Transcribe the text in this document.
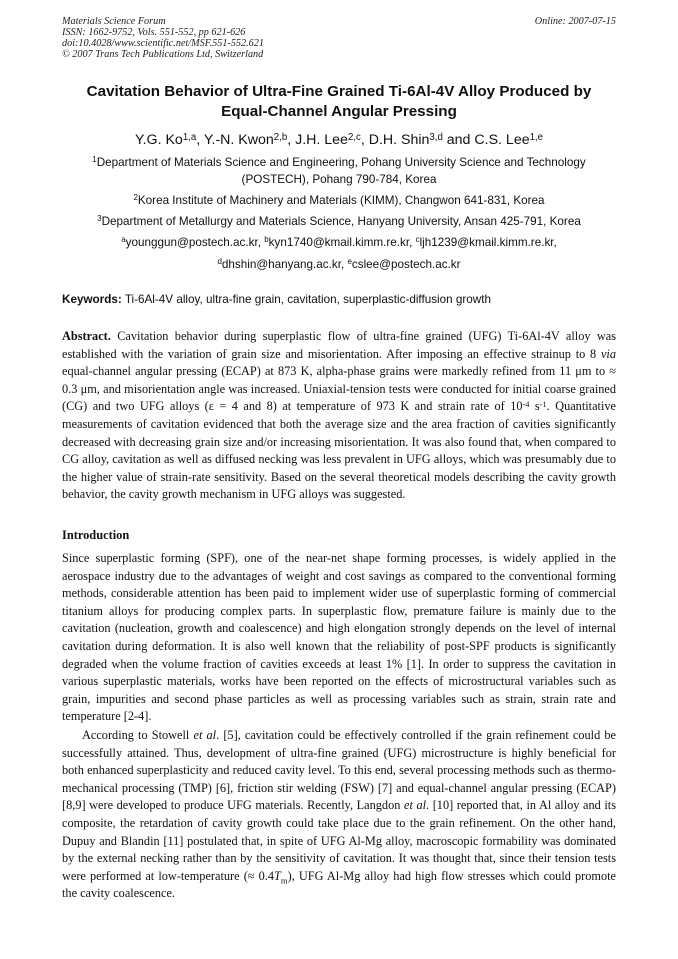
Materials Science Forum
ISSN: 1662-9752, Vols. 551-552, pp 621-626
doi:10.4028/www.scientific.net/MSF.551-552.621
© 2007 Trans Tech Publications Ltd, Switzerland
Online: 2007-07-15
Cavitation Behavior of Ultra-Fine Grained Ti-6Al-4V Alloy Produced by
Equal-Channel Angular Pressing
Y.G. Ko$^{1,a}$, Y.-N. Kwon$^{2,b}$, J.H. Lee$^{2,c}$, D.H. Shin$^{3,d}$ and C.S. Lee$^{1,e}$
$^1$Department of Materials Science and Engineering, Pohang University Science and Technology
(POSTECH), Pohang 790-784, Korea
$^2$Korea Institute of Machinery and Materials (KIMM), Changwon 641-831, Korea
$^3$Department of Metallurgy and Materials Science, Hanyang University, Ansan 425-791, Korea
$^a$younggun@postech.ac.kr, $^b$kyn1740@kmail.kimm.re.kr, $^c$ljh1239@kmail.kimm.re.kr,
$^d$dhshin@hanyang.ac.kr, $^e$cslee@postech.ac.kr
Keywords: Ti-6Al-4V alloy, ultra-fine grain, cavitation, superplastic-diffusion growth
Abstract. Cavitation behavior during superplastic flow of ultra-fine grained (UFG) Ti-6Al-4V alloy was established with the variation of grain size and misorientation. After imposing an effective strainup to 8 via equal-channel angular pressing (ECAP) at 873 K, alpha-phase grains were markedly refined from 11 μm to ≈ 0.3 μm, and misorientation angle was increased. Uniaxial-tension tests were conducted for initial coarse grained (CG) and two UFG alloys (ε = 4 and 8) at temperature of 973 K and strain rate of $10^{-4}$ $s^{-1}$. Quantitative measurements of cavitation evidenced that both the average size and the area fraction of cavities significantly decreased with decreasing grain size and/or increasing misorientation. It was also found that, when compared to CG alloy, cavitation as well as diffused necking was less prevalent in UFG alloys, which was presumably due to the higher value of strain-rate sensitivity. Based on the several theoretical models describing the cavity growth behavior, the cavity growth mechanism in UFG alloys was suggested.
Introduction
Since superplastic forming (SPF), one of the near-net shape forming processes, is widely applied in the aerospace industry due to the advantages of weight and cost savings as compared to the conventional forming methods, considerable attention has been paid to implement wider use of superplastic forming of commercial titanium alloys for producing complex parts. In superplastic flow, premature failure is mainly due to the cavitation (nucleation, growth and coalescence) and high elongation strongly depends on the level of internal cavitation during deformation. It is also well known that the reliability of post-SPF products is significantly degraded when the volume fraction of cavities exceeds at least 1% [1]. In order to suppress the cavitation in various superplastic materials, works have been reported on the effects of microstructural variables such as grain, impurities and second phase particles as well as processing variables such as strain, strain rate and temperature [2-4].
According to Stowell et al. [5], cavitation could be effectively controlled if the grain refinement could be successfully attained. Thus, development of ultra-fine grained (UFG) microstructure is highly beneficial for both enhanced superplasticity and reduced cavity level. To this end, several processing methods such as thermo-mechanical processing (TMP) [6], friction stir welding (FSW) [7] and equal-channel angular pressing (ECAP) [8,9] were developed to produce UFG materials. Recently, Langdon et al. [10] reported that, in Al alloy and its composite, the retardation of cavity growth could take place due to the grain refinement. On the other hand, Dupuy and Blandin [11] postulated that, in spite of UFG Al-Mg alloy, macroscopic formability was dominated by the external necking rather than by the sensitivity of cavitation. It was thought that, since their tension tests were performed at low-temperature (≈ $0.4T_m$), UFG Al-Mg alloy had high flow stresses which could promote the cavity coalescence.
